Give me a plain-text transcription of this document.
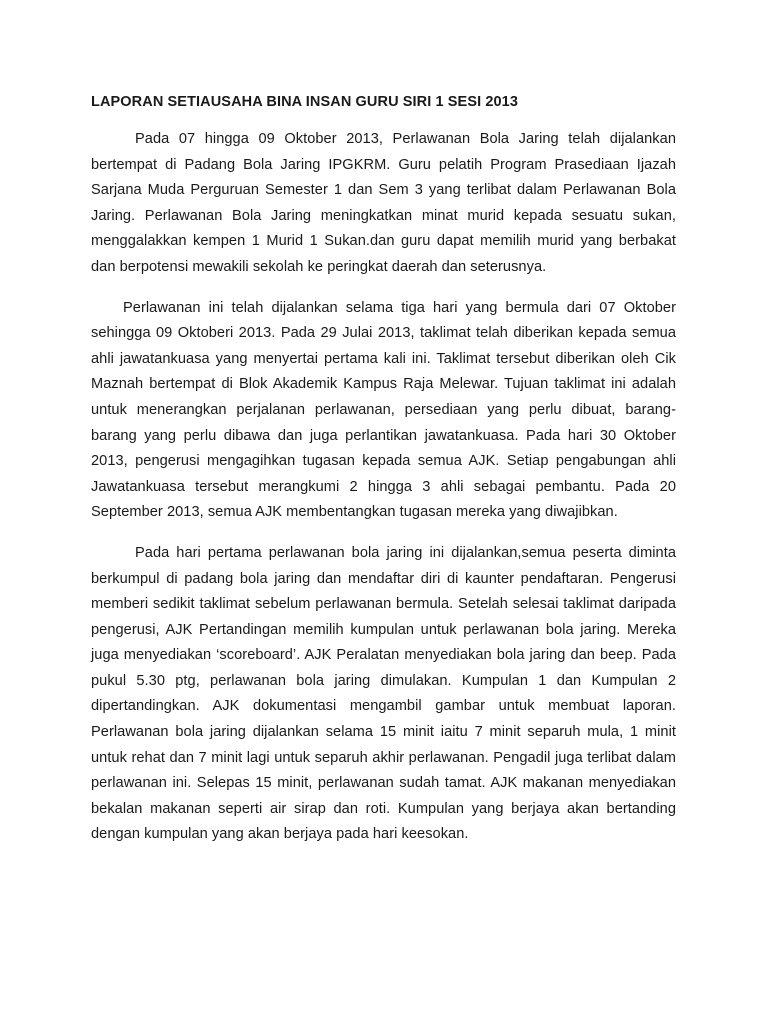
LAPORAN SETIAUSAHA BINA INSAN GURU SIRI 1 SESI 2013

Pada 07 hingga 09 Oktober 2013, Perlawanan Bola Jaring telah dijalankan bertempat di Padang Bola Jaring IPGKRM. Guru pelatih Program Prasediaan Ijazah Sarjana Muda Perguruan Semester 1 dan Sem 3 yang terlibat dalam Perlawanan Bola Jaring. Perlawanan Bola Jaring meningkatkan minat murid kepada sesuatu sukan, menggalakkan kempen 1 Murid 1 Sukan.dan guru dapat memilih murid yang berbakat dan berpotensi mewakili sekolah ke peringkat daerah dan seterusnya.

Perlawanan ini telah dijalankan selama tiga hari yang bermula dari 07 Oktober sehingga 09 Oktoberi 2013. Pada 29 Julai 2013, taklimat telah diberikan kepada semua ahli jawatankuasa yang menyertai pertama kali ini. Taklimat tersebut diberikan oleh Cik Maznah bertempat di Blok Akademik Kampus Raja Melewar. Tujuan taklimat ini adalah untuk menerangkan perjalanan perlawanan, persediaan yang perlu dibuat, barang-barang yang perlu dibawa dan juga perlantikan jawatankuasa. Pada hari 30 Oktober 2013, pengerusi mengagihkan tugasan kepada semua AJK. Setiap pengabungan ahli Jawatankuasa tersebut merangkumi 2 hingga 3 ahli sebagai pembantu. Pada 20 September 2013, semua AJK membentangkan tugasan mereka yang diwajibkan.

Pada hari pertama perlawanan bola jaring ini dijalankan,semua peserta diminta berkumpul di padang bola jaring dan mendaftar diri di kaunter pendaftaran. Pengerusi memberi sedikit taklimat sebelum perlawanan bermula. Setelah selesai taklimat daripada pengerusi, AJK Pertandingan memilih kumpulan untuk perlawanan bola jaring. Mereka juga menyediakan ‘scoreboard’. AJK Peralatan menyediakan bola jaring dan beep. Pada pukul 5.30 ptg, perlawanan bola jaring dimulakan. Kumpulan 1 dan Kumpulan 2 dipertandingkan. AJK dokumentasi mengambil gambar untuk membuat laporan. Perlawanan bola jaring dijalankan selama 15 minit iaitu 7 minit separuh mula, 1 minit untuk rehat dan 7 minit lagi untuk separuh akhir perlawanan. Pengadil juga terlibat dalam perlawanan ini. Selepas 15 minit, perlawanan sudah tamat. AJK makanan menyediakan bekalan makanan seperti air sirap dan roti. Kumpulan yang berjaya akan bertanding dengan kumpulan yang akan berjaya pada hari keesokan.
